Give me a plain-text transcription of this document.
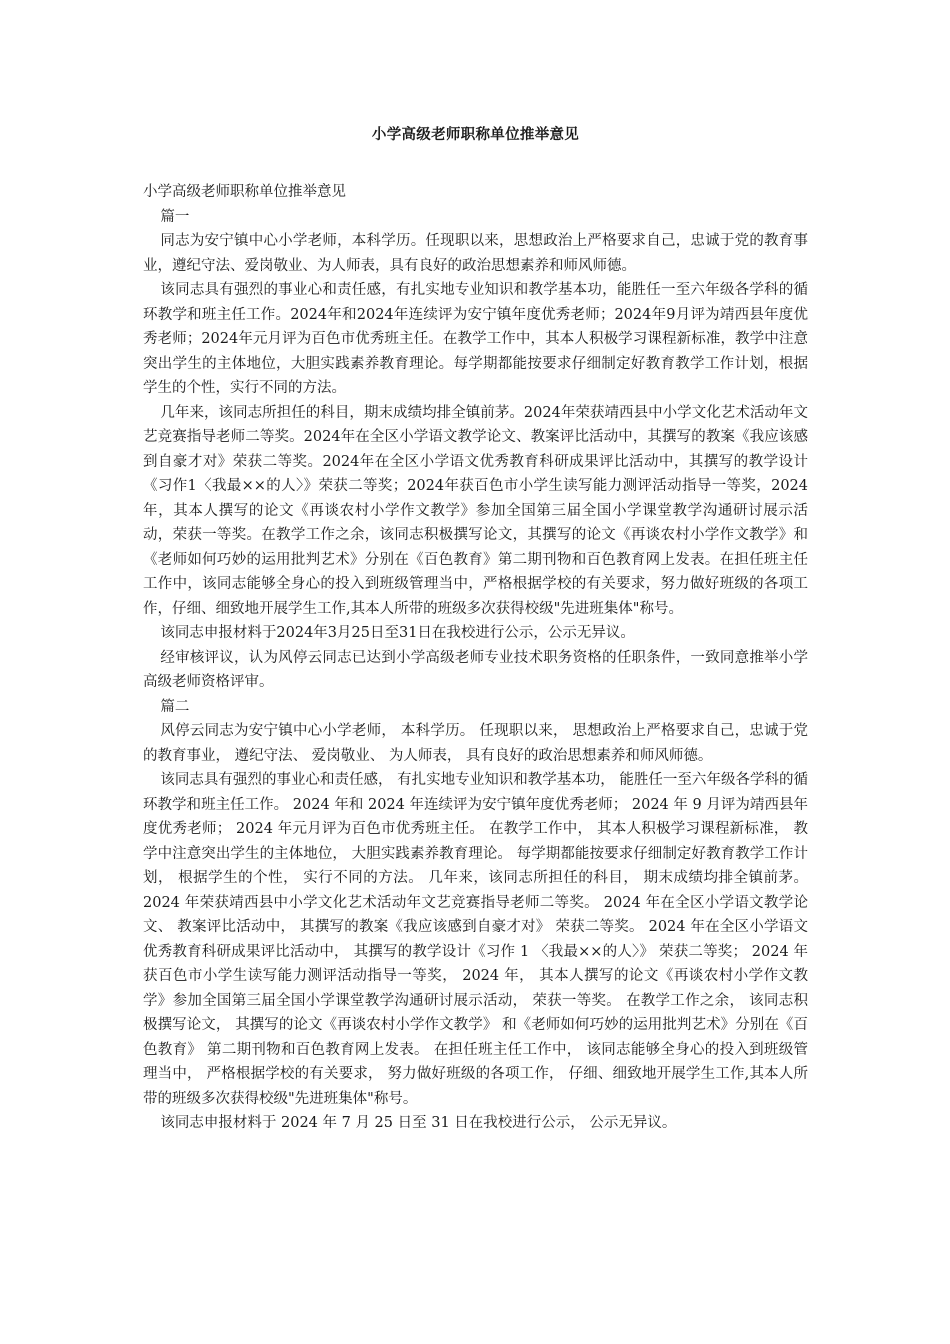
小学高级老师职称单位推举意见

小学高级老师职称单位推举意见

篇一

同志为安宁镇中心小学老师，本科学历。任现职以来，思想政治上严格要求自己，忠诚于党的教育事业，遵纪守法、爱岗敬业、为人师表，具有良好的政治思想素养和师风师德。

该同志具有强烈的事业心和责任感，有扎实地专业知识和教学基本功，能胜任一至六年级各学科的循环教学和班主任工作。2024年和2024年连续评为安宁镇年度优秀老师；2024年9月评为靖西县年度优秀老师；2024年元月评为百色市优秀班主任。在教学工作中，其本人积极学习课程新标准，教学中注意突出学生的主体地位，大胆实践素养教育理论。每学期都能按要求仔细制定好教育教学工作计划，根据学生的个性，实行不同的方法。

几年来，该同志所担任的科目，期末成绩均排全镇前茅。2024年荣获靖西县中小学文化艺术活动年文艺竞赛指导老师二等奖。2024年在全区小学语文教学论文、教案评比活动中，其撰写的教案《我应该感到自豪才对》荣获二等奖。2024年在全区小学语文优秀教育科研成果评比活动中，其撰写的教学设计《习作1〈我最××的人〉》荣获二等奖；2024年获百色市小学生读写能力测评活动指导一等奖，2024年，其本人撰写的论文《再谈农村小学作文教学》参加全国第三届全国小学课堂教学沟通研讨展示活动，荣获一等奖。在教学工作之余，该同志积极撰写论文，其撰写的论文《再谈农村小学作文教学》和《老师如何巧妙的运用批判艺术》分别在《百色教育》第二期刊物和百色教育网上发表。在担任班主任工作中，该同志能够全身心的投入到班级管理当中，严格根据学校的有关要求，努力做好班级的各项工作，仔细、细致地开展学生工作,其本人所带的班级多次获得校级"先进班集体"称号。

该同志申报材料于2024年3月25日至31日在我校进行公示，公示无异议。

经审核评议，认为风停云同志已达到小学高级老师专业技术职务资格的任职条件，一致同意推举小学高级老师资格评审。

篇二

风停云同志为安宁镇中心小学老师， 本科学历。 任现职以来， 思想政治上严格要求自己，忠诚于党的教育事业， 遵纪守法、 爱岗敬业、 为人师表， 具有良好的政治思想素养和师风师德。

该同志具有强烈的事业心和责任感， 有扎实地专业知识和教学基本功， 能胜任一至六年级各学科的循环教学和班主任工作。 2024 年和 2024 年连续评为安宁镇年度优秀老师； 2024 年 9 月评为靖西县年度优秀老师； 2024 年元月评为百色市优秀班主任。 在教学工作中， 其本人积极学习课程新标准， 教学中注意突出学生的主体地位， 大胆实践素养教育理论。 每学期都能按要求仔细制定好教育教学工作计划， 根据学生的个性， 实行不同的方法。 几年来，该同志所担任的科目， 期末成绩均排全镇前茅。 2024 年荣获靖西县中小学文化艺术活动年文艺竞赛指导老师二等奖。 2024 年在全区小学语文教学论文、 教案评比活动中， 其撰写的教案《我应该感到自豪才对》 荣获二等奖。 2024 年在全区小学语文优秀教育科研成果评比活动中， 其撰写的教学设计《习作 1 〈我最××的人〉》 荣获二等奖； 2024 年获百色市小学生读写能力测评活动指导一等奖， 2024 年， 其本人撰写的论文《再谈农村小学作文教学》参加全国第三届全国小学课堂教学沟通研讨展示活动， 荣获一等奖。 在教学工作之余， 该同志积极撰写论文， 其撰写的论文《再谈农村小学作文教学》 和《老师如何巧妙的运用批判艺术》分别在《百色教育》 第二期刊物和百色教育网上发表。 在担任班主任工作中， 该同志能够全身心的投入到班级管理当中， 严格根据学校的有关要求， 努力做好班级的各项工作， 仔细、细致地开展学生工作,其本人所带的班级多次获得校级"先进班集体"称号。

该同志申报材料于 2024 年 7 月 25 日至 31 日在我校进行公示， 公示无异议。
